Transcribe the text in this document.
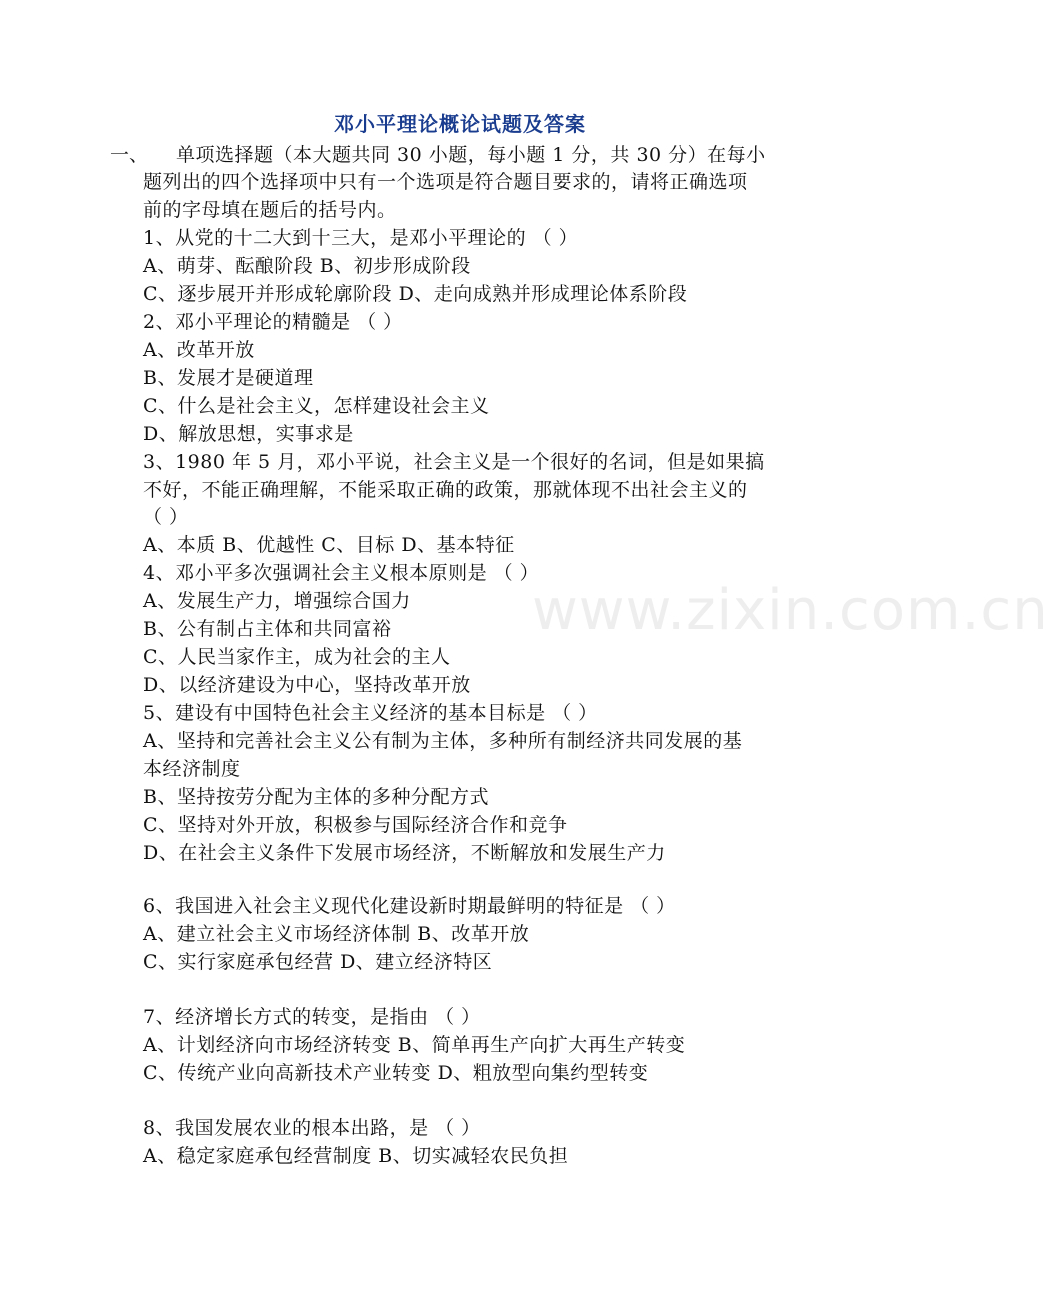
邓小平理论概论试题及答案
一、
www.zixin.com.cn
单项选择题（本大题共同 30 小题，每小题 1 分，共 30 分）在每小
题列出的四个选择项中只有一个选项是符合题目要求的，请将正确选项
前的字母填在题后的括号内。
1、从党的十二大到十三大，是邓小平理论的 （ ）
A、萌芽、酝酿阶段 B、初步形成阶段
C、逐步展开并形成轮廓阶段 D、走向成熟并形成理论体系阶段
2、邓小平理论的精髓是 （ ）
A、改革开放
B、发展才是硬道理
C、什么是社会主义，怎样建设社会主义
D、解放思想，实事求是
3、1980 年 5 月，邓小平说，社会主义是一个很好的名词，但是如果搞
不好，不能正确理解，不能采取正确的政策，那就体现不出社会主义的
（ ）
A、本质 B、优越性 C、目标 D、基本特征
4、邓小平多次强调社会主义根本原则是 （ ）
A、发展生产力，增强综合国力
B、公有制占主体和共同富裕
C、人民当家作主，成为社会的主人
D、以经济建设为中心，坚持改革开放
5、建设有中国特色社会主义经济的基本目标是 （ ）
A、坚持和完善社会主义公有制为主体，多种所有制经济共同发展的基
本经济制度
B、坚持按劳分配为主体的多种分配方式
C、坚持对外开放，积极参与国际经济合作和竞争
D、在社会主义条件下发展市场经济，不断解放和发展生产力
6、我国进入社会主义现代化建设新时期最鲜明的特征是 （ ）
A、建立社会主义市场经济体制 B、改革开放
C、实行家庭承包经营 D、建立经济特区
7、经济增长方式的转变，是指由 （ ）
A、计划经济向市场经济转变 B、简单再生产向扩大再生产转变
C、传统产业向高新技术产业转变 D、粗放型向集约型转变
8、我国发展农业的根本出路，是 （ ）
A、稳定家庭承包经营制度 B、切实减轻农民负担
